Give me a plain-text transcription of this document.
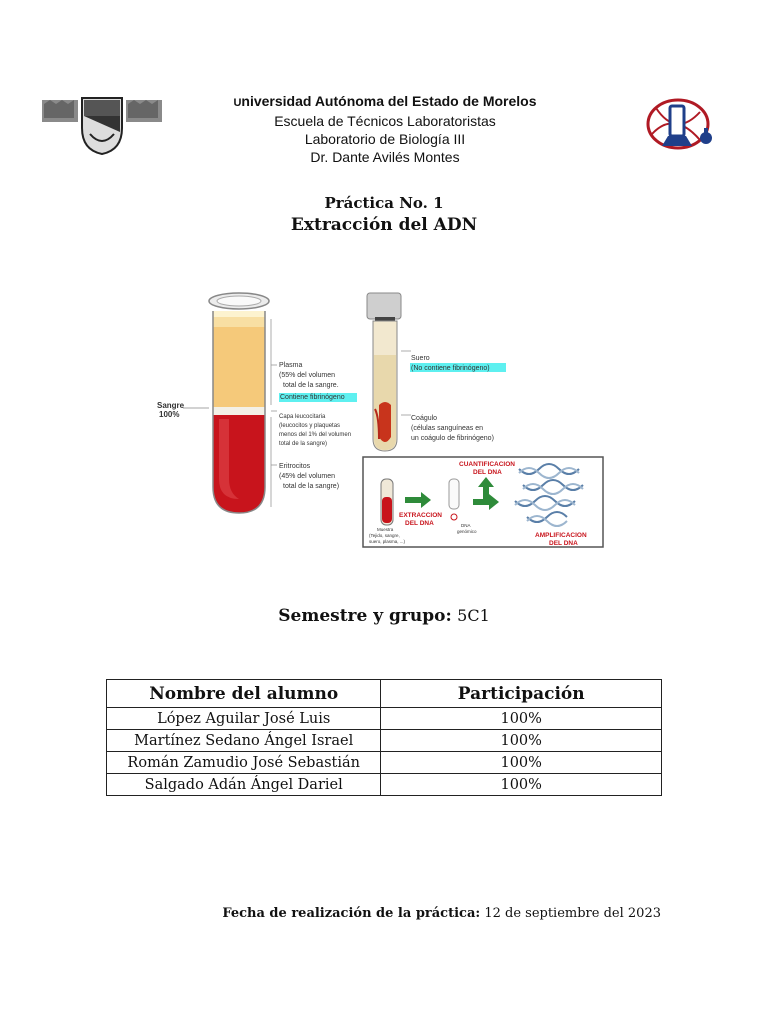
Universidad Autónoma del Estado de Morelos
Escuela de Técnicos Laboratoristas
Laboratorio de Biología III
Dr. Dante Avilés Montes
Práctica No. 1
Extracción del ADN
Sangre 100%
Plasma (55% del volumen total de la sangre. Contiene fibrinógeno
Capa leucocitaria (leucocitos y plaquetas menos del 1% del volumen total de la sangre)
Eritrocitos (45% del volumen total de la sangre)
Suero (No contiene fibrinógeno)
Coágulo (células sanguíneas en un coágulo de fibrinógeno)
CUANTIFICACION DEL DNA
EXTRACCION DEL DNA
AMPLIFICACION DEL DNA
Muestra (Tejido, sangre, suero, plasma, ...)
DNA genómico
Semestre y grupo: 5C1
Nombre del alumno	Participación
López Aguilar José Luis	100%
Martínez Sedano Ángel Israel	100%
Román Zamudio José Sebastián	100%
Salgado Adán Ángel Dariel	100%
Fecha de realización de la práctica: 12 de septiembre del 2023
